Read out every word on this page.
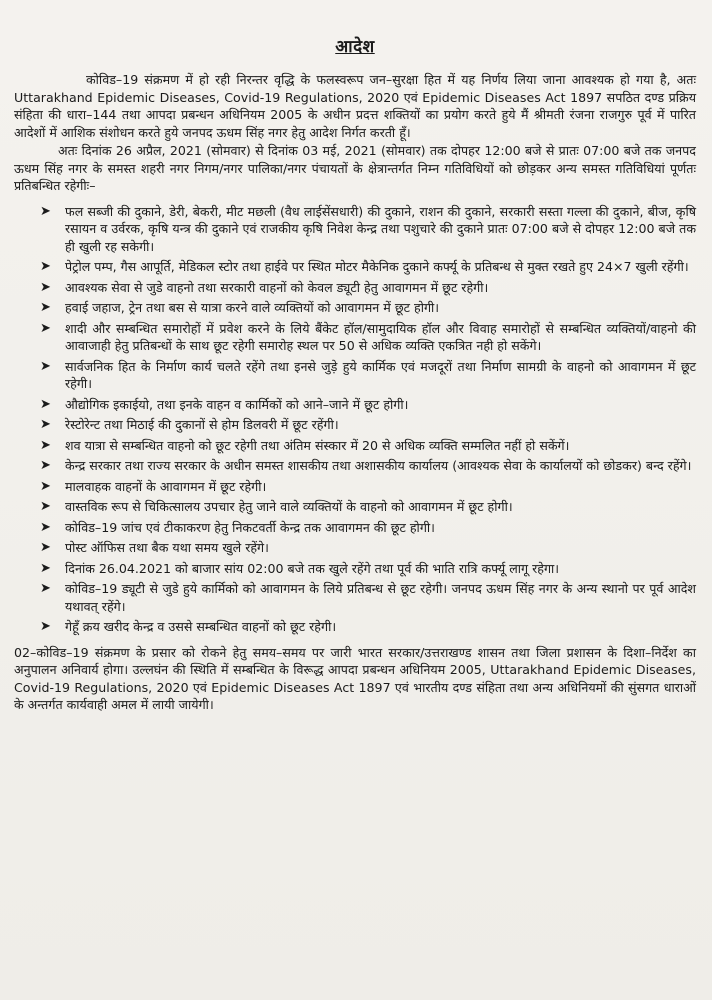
आदेश

कोविड–19 संक्रमण में हो रही निरन्तर वृद्धि के फलस्वरूप जन–सुरक्षा हित में यह निर्णय लिया जाना आवश्यक हो गया है, अतः Uttarakhand Epidemic Diseases, Covid-19 Regulations, 2020 एवं Epidemic Diseases Act 1897 सपठित दण्ड प्रक्रिय संहिता की धारा–144 तथा आपदा प्रबन्धन अधिनियम 2005 के अधीन प्रदत्त शक्तियों का प्रयोग करते हुये मैं श्रीमती रंजना राजगुरु पूर्व में पारित आदेशों में आशिक संशोधन करते हुये जनपद ऊधम सिंह नगर हेतु आदेश निर्गत करती हूँ।

अतः दिनांक 26 अप्रैल, 2021 (सोमवार) से दिनांक 03 मई, 2021 (सोमवार) तक दोपहर 12:00 बजे से प्रातः 07:00 बजे तक जनपद ऊधम सिंह नगर के समस्त शहरी नगर निगम/नगर पालिका/नगर पंचायतों के क्षेत्रान्तर्गत निम्न गतिविधियों को छोड़कर अन्य समस्त गतिविधियां पूर्णतः प्रतिबन्धित रहेगीः–

➤ फल सब्जी की दुकाने, डेरी, बेकरी, मीट मछली (वैध लाईसेंसधारी) की दुकाने, राशन की दुकाने, सरकारी सस्ता गल्ला की दुकाने, बीज, कृषि रसायन व उर्वरक, कृषि यन्त्र की दुकाने एवं राजकीय कृषि निवेश केन्द्र तथा पशुचारे की दुकाने प्रातः 07:00 बजे से दोपहर 12:00 बजे तक ही खुली रह सकेगी।
➤ पेट्रोल पम्प, गैस आपूर्ति, मेडिकल स्टोर तथा हाईवे पर स्थित मोटर मैकेनिक दुकाने कर्फ्यू के प्रतिबन्ध से मुक्त रखते हुए 24×7 खुली रहेंगी।
➤ आवश्यक सेवा से जुडे वाहनो तथा सरकारी वाहनों को केवल ड्यूटी हेतु आवागमन में छूट रहेगी।
➤ हवाई जहाज, ट्रेन तथा बस से यात्रा करने वाले व्यक्तियों को आवागमन में छूट होगी।
➤ शादी और सम्बन्धित समारोहों में प्रवेश करने के लिये बैंकेट हॉल/सामुदायिक हॉल और विवाह समारोहों से सम्बन्धित व्यक्तियों/वाहनो की आवाजाही हेतु प्रतिबन्धों के साथ छूट रहेगी समारोह स्थल पर 50 से अधिक व्यक्ति एकत्रित नही हो सकेंगे।
➤ सार्वजनिक हित के निर्माण कार्य चलते रहेंगे तथा इनसे जुड़े हुये कार्मिक एवं मजदूरों तथा निर्माण सामग्री के वाहनो को आवागमन में छूट रहेगी।
➤ औद्योगिक इकाईयो, तथा इनके वाहन व कार्मिकों को आने–जाने में छूट होगी।
➤ रेस्टोरेन्ट तथा मिठाई की दुकानों से होम डिलवरी में छूट रहेंगी।
➤ शव यात्रा से सम्बन्धित वाहनो को छूट रहेगी तथा अंतिम संस्कार में 20 से अधिक व्यक्ति सम्मलित नहीं हो सकेंगें।
➤ केन्द्र सरकार तथा राज्य सरकार के अधीन समस्त शासकीय तथा अशासकीय कार्यालय (आवश्यक सेवा के कार्यालयों को छोडकर) बन्द रहेंगे।
➤ मालवाहक वाहनों के आवागमन में छूट रहेगी।
➤ वास्तविक रूप से चिकित्सालय उपचार हेतु जाने वाले व्यक्तियों के वाहनो को आवागमन में छूट होगी।
➤ कोविड–19 जांच एवं टीकाकरण हेतु निकटवर्ती केन्द्र तक आवागमन की छूट होगी।
➤ पोस्ट ऑफिस तथा बैक यथा समय खुले रहेंगे।
➤ दिनांक 26.04.2021 को बाजार सांय 02:00 बजे तक खुले रहेंगे तथा पूर्व की भाति रात्रि कर्फ्यू लागू रहेगा।
➤ कोविड–19 ड्यूटी से जुडे हुये कार्मिको को आवागमन के लिये प्रतिबन्ध से छूट रहेगी। जनपद ऊधम सिंह नगर के अन्य स्थानो पर पूर्व आदेश यथावत् रहेंगे।
➤ गेहूँ क्रय खरीद केन्द्र व उससे सम्बन्धित वाहनों को छूट रहेगी।

02–कोविड–19 संक्रमण के प्रसार को रोकने हेतु समय–समय पर जारी भारत सरकार/उत्तराखण्ड शासन तथा जिला प्रशासन के दिशा–निर्देश का अनुपालन अनिवार्य होगा। उल्लघंन की स्थिति में सम्बन्धित के विरूद्ध आपदा प्रबन्धन अधिनियम 2005, Uttarakhand Epidemic Diseases, Covid-19 Regulations, 2020 एवं Epidemic Diseases Act 1897 एवं भारतीय दण्ड संहिता तथा अन्य अधिनियमों की सुंसगत धाराओं के अन्तर्गत कार्यवाही अमल में लायी जायेगी।
